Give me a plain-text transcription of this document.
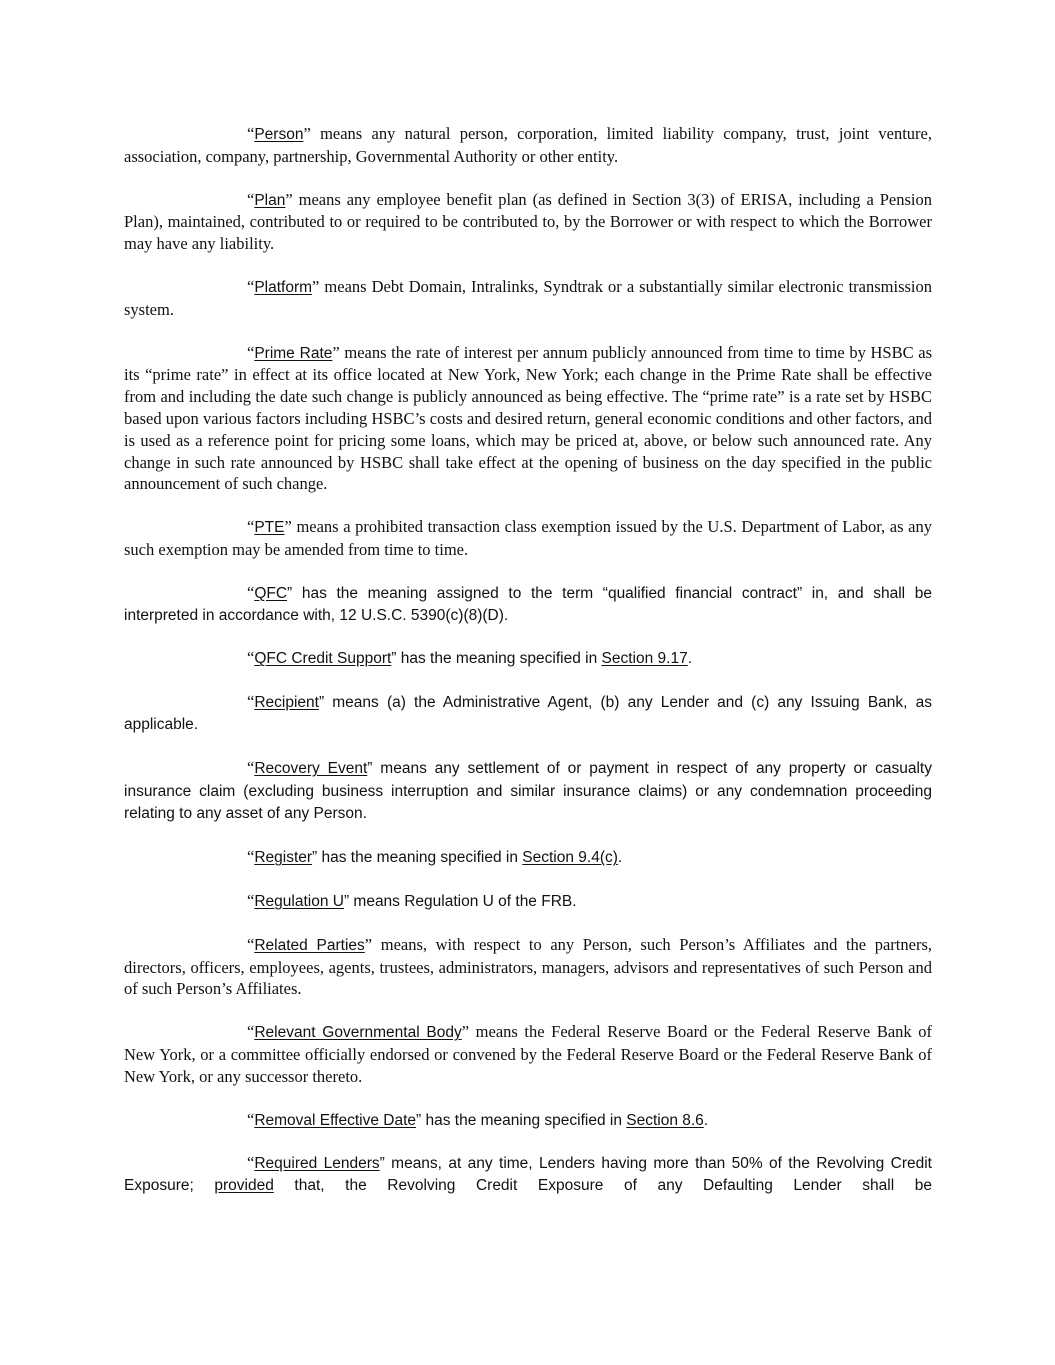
“Person” means any natural person, corporation, limited liability company, trust, joint venture, association, company, partnership, Governmental Authority or other entity.

“Plan” means any employee benefit plan (as defined in Section 3(3) of ERISA, including a Pension Plan), maintained, contributed to or required to be contributed to, by the Borrower or with respect to which the Borrower may have any liability.

“Platform” means Debt Domain, Intralinks, Syndtrak or a substantially similar electronic transmission system.

“Prime Rate” means the rate of interest per annum publicly announced from time to time by HSBC as its “prime rate” in effect at its office located at New York, New York; each change in the Prime Rate shall be effective from and including the date such change is publicly announced as being effective. The “prime rate” is a rate set by HSBC based upon various factors including HSBC’s costs and desired return, general economic conditions and other factors, and is used as a reference point for pricing some loans, which may be priced at, above, or below such announced rate. Any change in such rate announced by HSBC shall take effect at the opening of business on the day specified in the public announcement of such change.

“PTE” means a prohibited transaction class exemption issued by the U.S. Department of Labor, as any such exemption may be amended from time to time.

“QFC” has the meaning assigned to the term “qualified financial contract” in, and shall be interpreted in accordance with, 12 U.S.C. 5390(c)(8)(D).

“QFC Credit Support” has the meaning specified in Section 9.17.

“Recipient” means (a) the Administrative Agent, (b) any Lender and (c) any Issuing Bank, as applicable.

“Recovery Event” means any settlement of or payment in respect of any property or casualty insurance claim (excluding business interruption and similar insurance claims) or any condemnation proceeding relating to any asset of any Person.

“Register” has the meaning specified in Section 9.4(c).

“Regulation U” means Regulation U of the FRB.

“Related Parties” means, with respect to any Person, such Person’s Affiliates and the partners, directors, officers, employees, agents, trustees, administrators, managers, advisors and representatives of such Person and of such Person’s Affiliates.

“Relevant Governmental Body” means the Federal Reserve Board or the Federal Reserve Bank of New York, or a committee officially endorsed or convened by the Federal Reserve Board or the Federal Reserve Bank of New York, or any successor thereto.

“Removal Effective Date” has the meaning specified in Section 8.6.

“Required Lenders” means, at any time, Lenders having more than 50% of the Revolving Credit Exposure; provided that, the Revolving Credit Exposure of any Defaulting Lender shall be
